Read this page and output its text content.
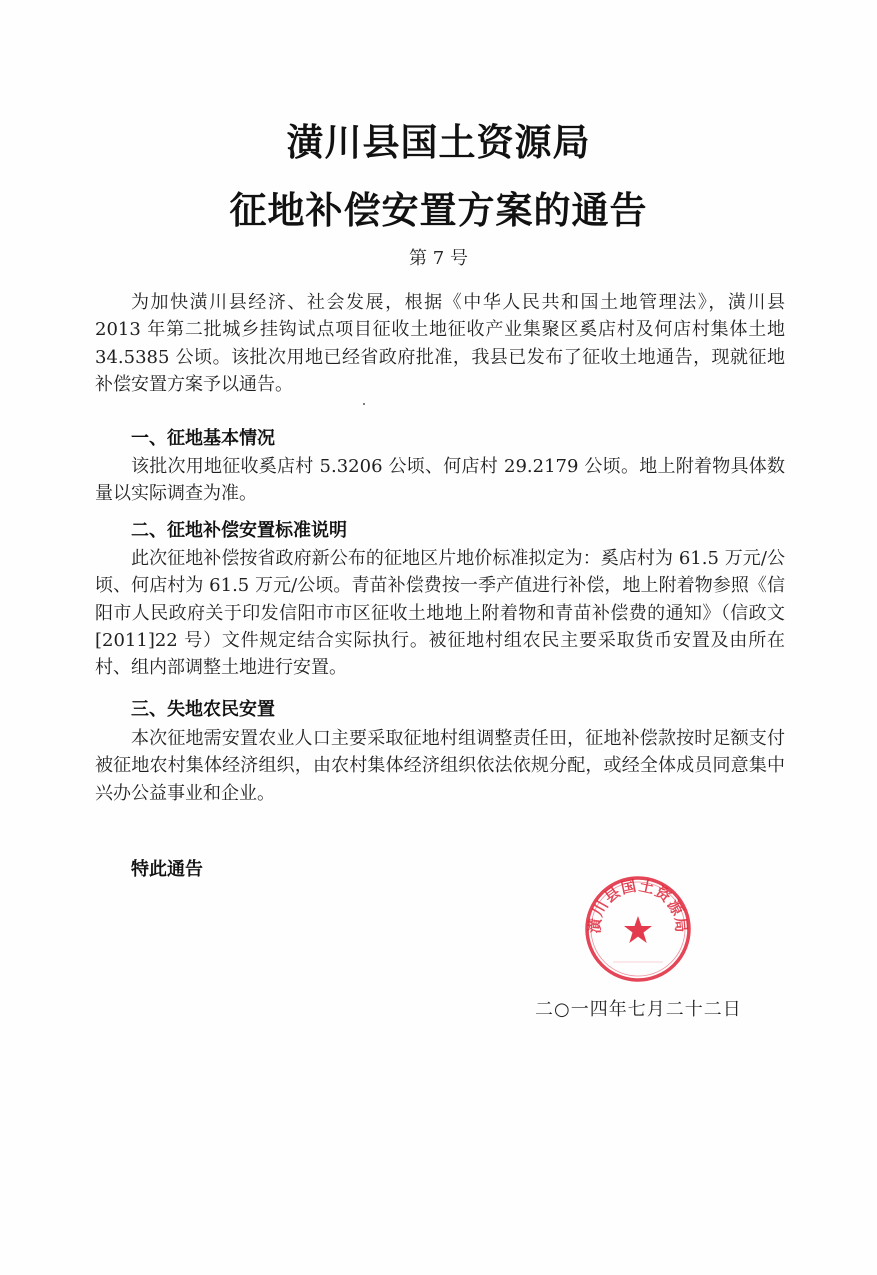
潢川县国土资源局
征地补偿安置方案的通告
第 7 号

为加快潢川县经济、社会发展，根据《中华人民共和国土地管理法》，潢川县 2013 年第二批城乡挂钩试点项目征收土地征收产业集聚区奚店村及何店村集体土地 34.5385 公顷。该批次用地已经省政府批准，我县已发布了征收土地通告，现就征地补偿安置方案予以通告。

一、征地基本情况

该批次用地征收奚店村 5.3206 公顷、何店村 29.2179 公顷。地上附着物具体数量以实际调查为准。

二、征地补偿安置标准说明

此次征地补偿按省政府新公布的征地区片地价标准拟定为：奚店村为 61.5 万元/公顷、何店村为 61.5 万元/公顷。青苗补偿费按一季产值进行补偿，地上附着物参照《信阳市人民政府关于印发信阳市市区征收土地地上附着物和青苗补偿费的通知》（信政文[2011]22 号）文件规定结合实际执行。被征地村组农民主要采取货币安置及由所在村、组内部调整土地进行安置。

三、失地农民安置

本次征地需安置农业人口主要采取征地村组调整责任田，征地补偿款按时足额支付被征地农村集体经济组织，由农村集体经济组织依法依规分配，或经全体成员同意集中兴办公益事业和企业。

特此通告
潢川县国土资源局
二○一四年七月二十二日
